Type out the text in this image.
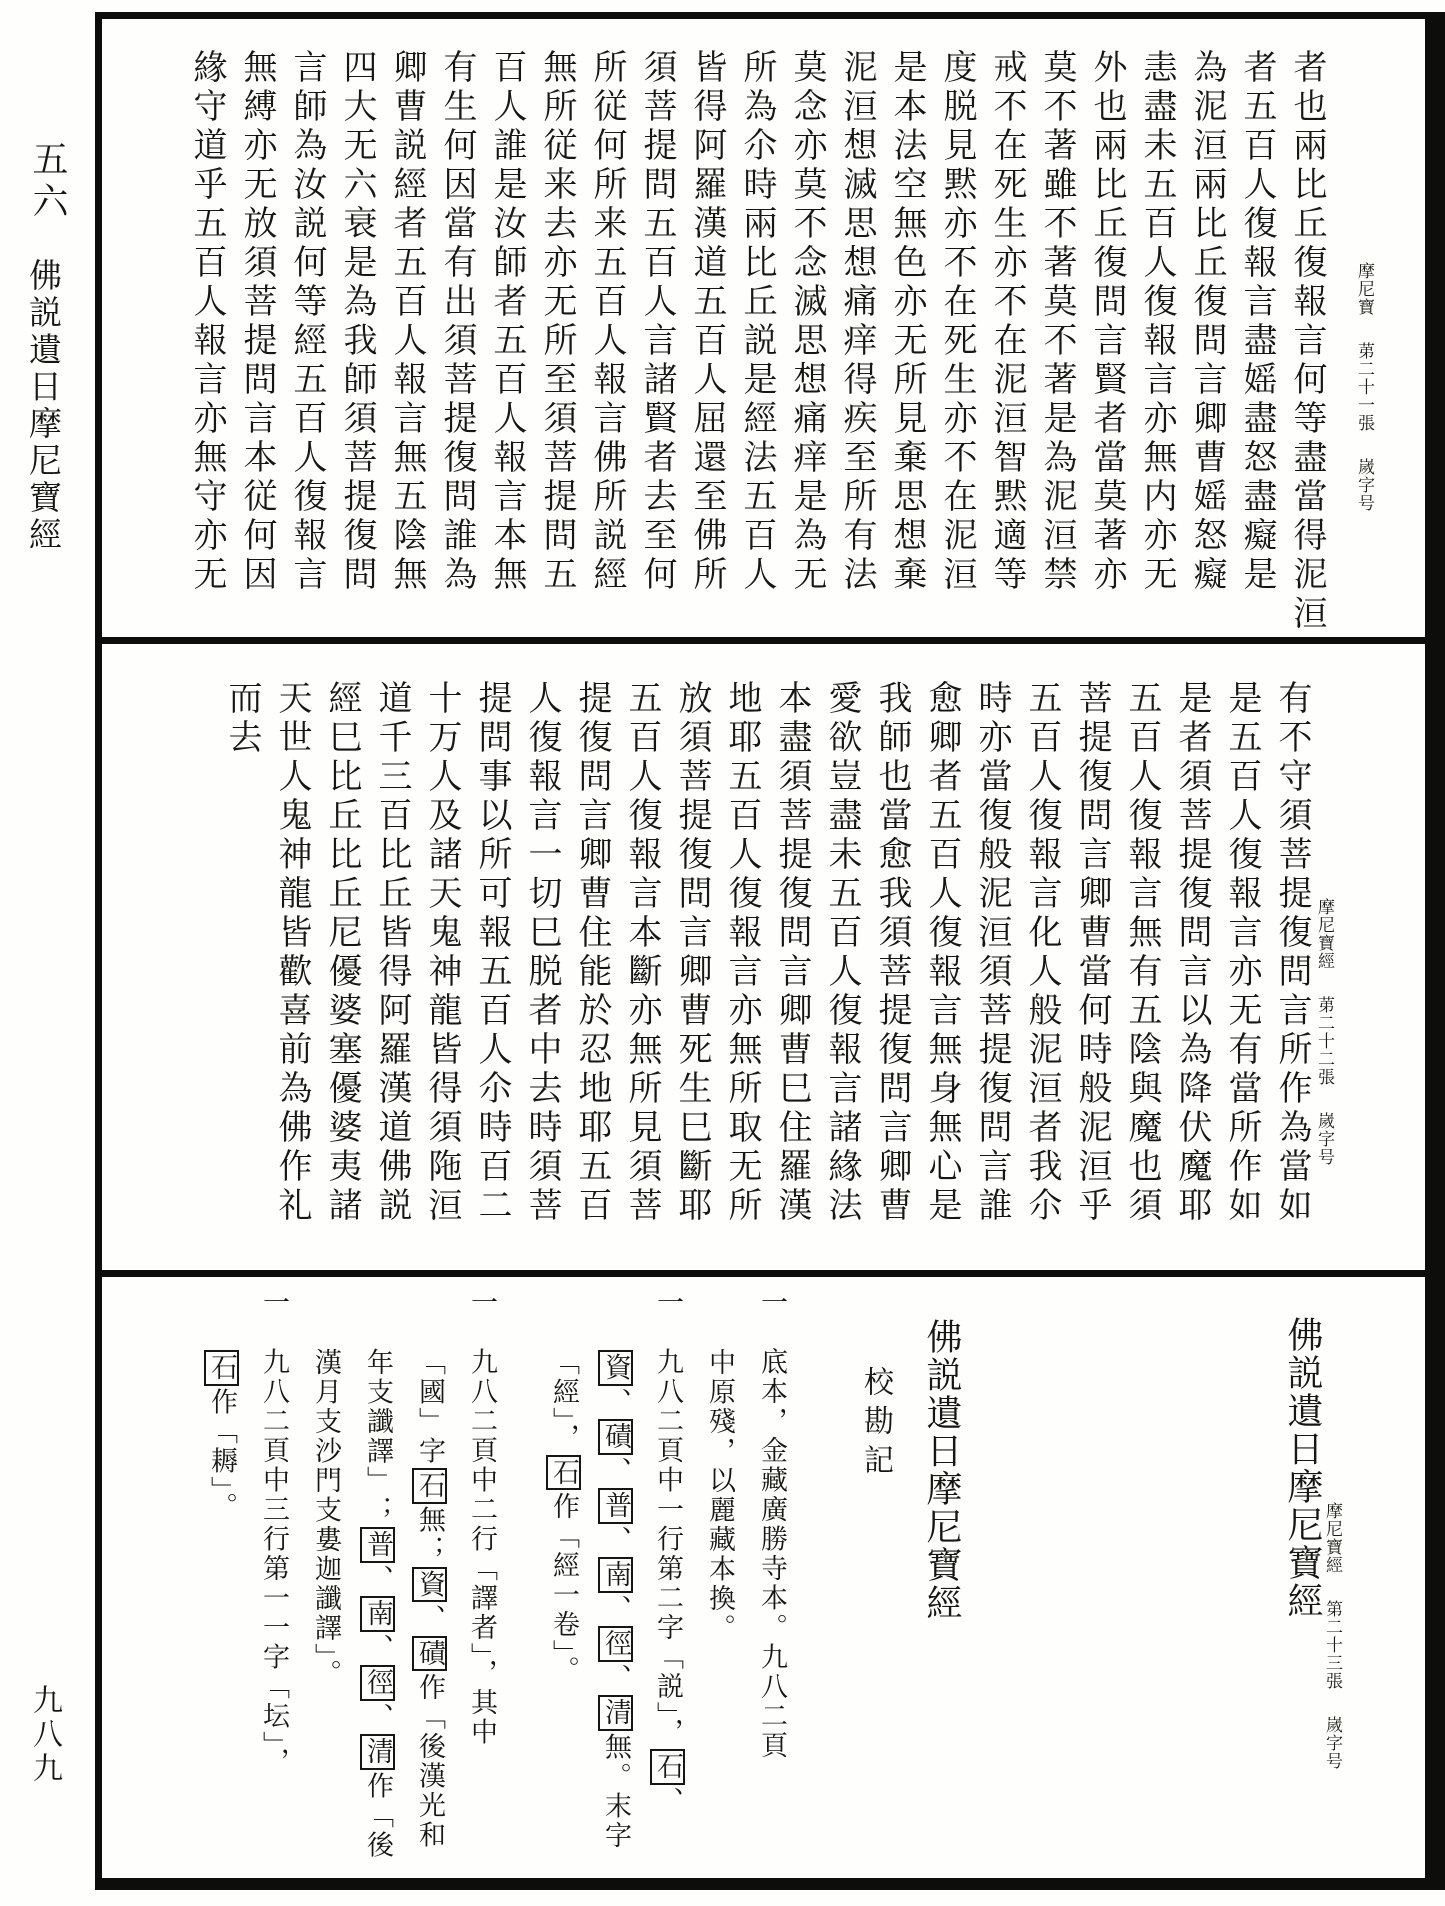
五六
佛説遺日摩尼寶經
九八九
者也兩比丘復報言何等盡當得泥洹
者五百人復報言盡媱盡怒盡癡是
為泥洹兩比丘復問言卿曹媱怒癡
恚盡未五百人復報言亦無内亦无
外也兩比丘復問言賢者當莫著亦
莫不著雖不著莫不著是為泥洹禁
戒不在死生亦不在泥洹智黙適等
度脱見黙亦不在死生亦不在泥洹
是本法空無色亦无所見棄思想棄
泥洹想滅思想痛痒得疾至所有法
莫念亦莫不念滅思想痛痒是為无
所為尒時兩比丘説是經法五百人
皆得阿羅漢道五百人屈還至佛所
須菩提問五百人言諸賢者去至何
所従何所来五百人報言佛所説經
無所従来去亦无所至須菩提問五
百人誰是汝師者五百人報言本無
有生何因當有出須菩提復問誰為
卿曹説經者五百人報言無五陰無
四大无六衰是為我師須菩提復問
言師為汝説何等經五百人復報言
無縛亦无放須菩提問言本従何因
緣守道乎五百人報言亦無守亦无	摩尼寶苐二十一張嵗字号
有不守須菩提復問言所作為當如
是五百人復報言亦无有當所作如
是者須菩提復問言以為降伏魔耶
五百人復報言無有五陰與魔也須
菩提復問言卿曹當何時般泥洹乎
五百人復報言化人般泥洹者我尒
時亦當復般泥洹須菩提復問言誰
愈卿者五百人復報言無身無心是
我師也當愈我須菩提復問言卿曹
愛欲豈盡未五百人復報言諸緣法
本盡須菩提復問言卿曹巳住羅漢
地耶五百人復報言亦無所取无所
放須菩提復問言卿曹死生巳斷耶
五百人復報言本斷亦無所見須菩
提復問言卿曹住能於忍地耶五百
人復報言一切巳脱者中去時須菩
提問事以所可報五百人尒時百二
十万人及諸天鬼神龍皆得須陁洹
道千三百比丘皆得阿羅漢道佛説
經巳比丘比丘尼優婆塞優婆夷諸
天世人鬼神龍皆歡喜前為佛作礼
而去
摩尼寶經苐二十二張嵗字号
佛説遺日摩尼寶經 摩尼寶經第二十三張嵗字号
佛説遺日摩尼寶經
校勘記
一底本，金藏廣勝寺本。九八二頁
中原殘，以麗藏本換。
一九八二頁中一行第二字「説」，石、
資、磧、普、南、徑、清無。末字
「經」，石作「經一卷」。
一九八二頁中二行「譯者」，其中
「國」字石無；資、磧作「後漢光和
年支讖譯」；普、南、徑、清作「後
漢月支沙門支婁迦讖譯」。
一九八二頁中三行第一一字「坛」，
石作「耨」。
